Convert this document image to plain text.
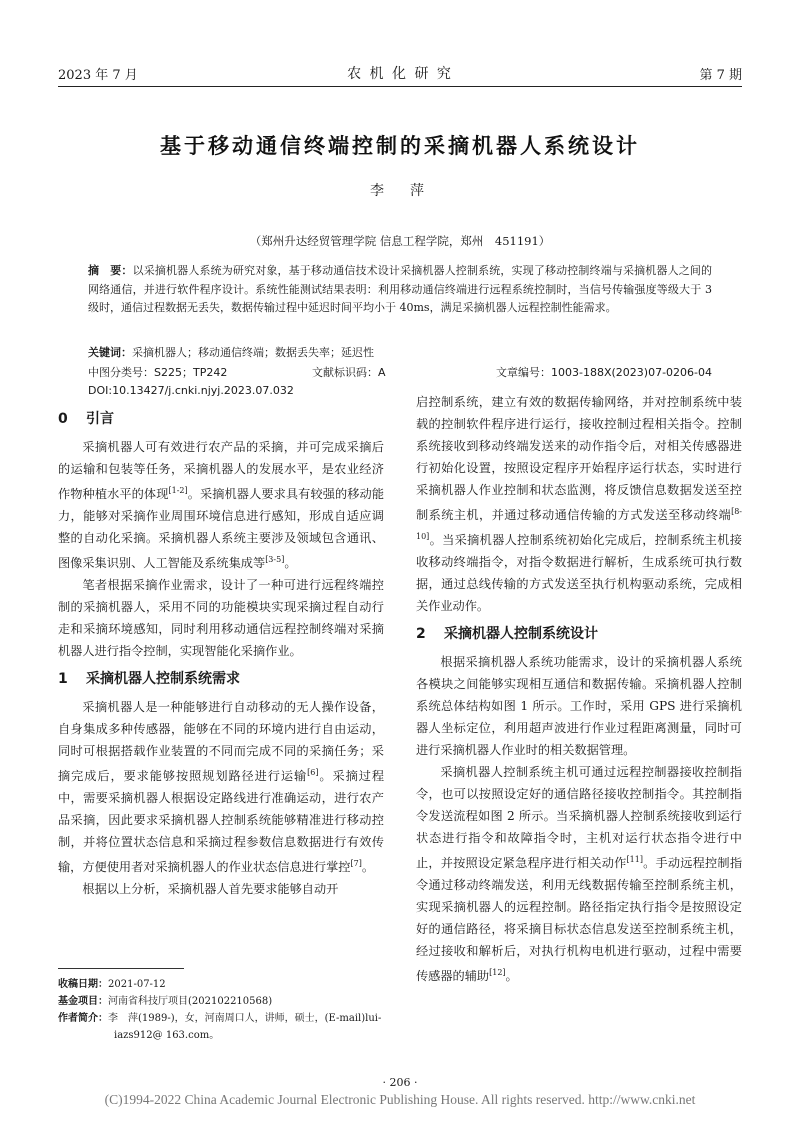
2023 年 7 月	农 机 化 研 究	第 7 期
基于移动通信终端控制的采摘机器人系统设计
李　萍
（郑州升达经贸管理学院 信息工程学院，郑州　451191）
摘　要：以采摘机器人系统为研究对象，基于移动通信技术设计采摘机器人控制系统，实现了移动控制终端与采摘机器人之间的网络通信，并进行软件程序设计。系统性能测试结果表明：利用移动通信终端进行远程系统控制时，当信号传输强度等级大于 3 级时，通信过程数据无丢失，数据传输过程中延迟时间平均小于 40ms，满足采摘机器人远程控制性能需求。
关键词：采摘机器人；移动通信终端；数据丢失率；延迟性
中图分类号：S225；TP242	文献标识码：A	文章编号：1003-188X(2023)07-0206-04
DOI:10.13427/j.cnki.njyj.2023.07.032
0 引言

采摘机器人可有效进行农产品的采摘，并可完成采摘后的运输和包装等任务，采摘机器人的发展水平，是农业经济作物种植水平的体现[1-2]。采摘机器人要求具有较强的移动能力，能够对采摘作业周围环境信息进行感知，形成自适应调整的自动化采摘。采摘机器人系统主要涉及领域包含通讯、图像采集识别、人工智能及系统集成等[3-5]。

笔者根据采摘作业需求，设计了一种可进行远程终端控制的采摘机器人，采用不同的功能模块实现采摘过程自动行走和采摘环境感知，同时利用移动通信远程控制终端对采摘机器人进行指令控制，实现智能化采摘作业。

1 采摘机器人控制系统需求

采摘机器人是一种能够进行自动移动的无人操作设备，自身集成多种传感器，能够在不同的环境内进行自由运动，同时可根据搭载作业装置的不同而完成不同的采摘任务；采摘完成后，要求能够按照规划路径进行运输[6]。采摘过程中，需要采摘机器人根据设定路线进行准确运动，进行农产品采摘，因此要求采摘机器人控制系统能够精准进行移动控制，并将位置状态信息和采摘过程参数信息数据进行有效传输，方便使用者对采摘机器人的作业状态信息进行掌控[7]。

根据以上分析，采摘机器人首先要求能够自动开

启控制系统，建立有效的数据传输网络，并对控制系统中装载的控制软件程序进行运行，接收控制过程相关指令。控制系统接收到移动终端发送来的动作指令后，对相关传感器进行初始化设置，按照设定程序开始程序运行状态，实时进行采摘机器人作业控制和状态监测，将反馈信息数据发送至控制系统主机，并通过移动通信传输的方式发送至移动终端[8-10]。当采摘机器人控制系统初始化完成后，控制系统主机接收移动终端指令，对指令数据进行解析，生成系统可执行数据，通过总线传输的方式发送至执行机构驱动系统，完成相关作业动作。

2 采摘机器人控制系统设计

根据采摘机器人系统功能需求，设计的采摘机器人系统各模块之间能够实现相互通信和数据传输。采摘机器人控制系统总体结构如图 1 所示。工作时，采用 GPS 进行采摘机器人坐标定位，利用超声波进行作业过程距离测量，同时可进行采摘机器人作业时的相关数据管理。

采摘机器人控制系统主机可通过远程控制器接收控制指令，也可以按照设定好的通信路径接收控制指令。其控制指令发送流程如图 2 所示。当采摘机器人控制系统接收到运行状态进行指令和故障指令时，主机对运行状态指令进行中止，并按照设定紧急程序进行相关动作[11]。手动远程控制指令通过移动终端发送，利用无线数据传输至控制系统主机，实现采摘机器人的远程控制。路径指定执行指令是按照设定好的通信路径，将采摘目标状态信息发送至控制系统主机，经过接收和解析后，对执行机构电机进行驱动，过程中需要传感器的辅助[12]。

收稿日期：2021-07-12
基金项目：河南省科技厅项目(202102210568)
作者简介：李　萍(1989-)，女，河南周口人，讲师，硕士，(E-mail)lui-
iazs912@ 163.com。
· 206 ·
(C)1994-2022 China Academic Journal Electronic Publishing House. All rights reserved. http://www.cnki.net
